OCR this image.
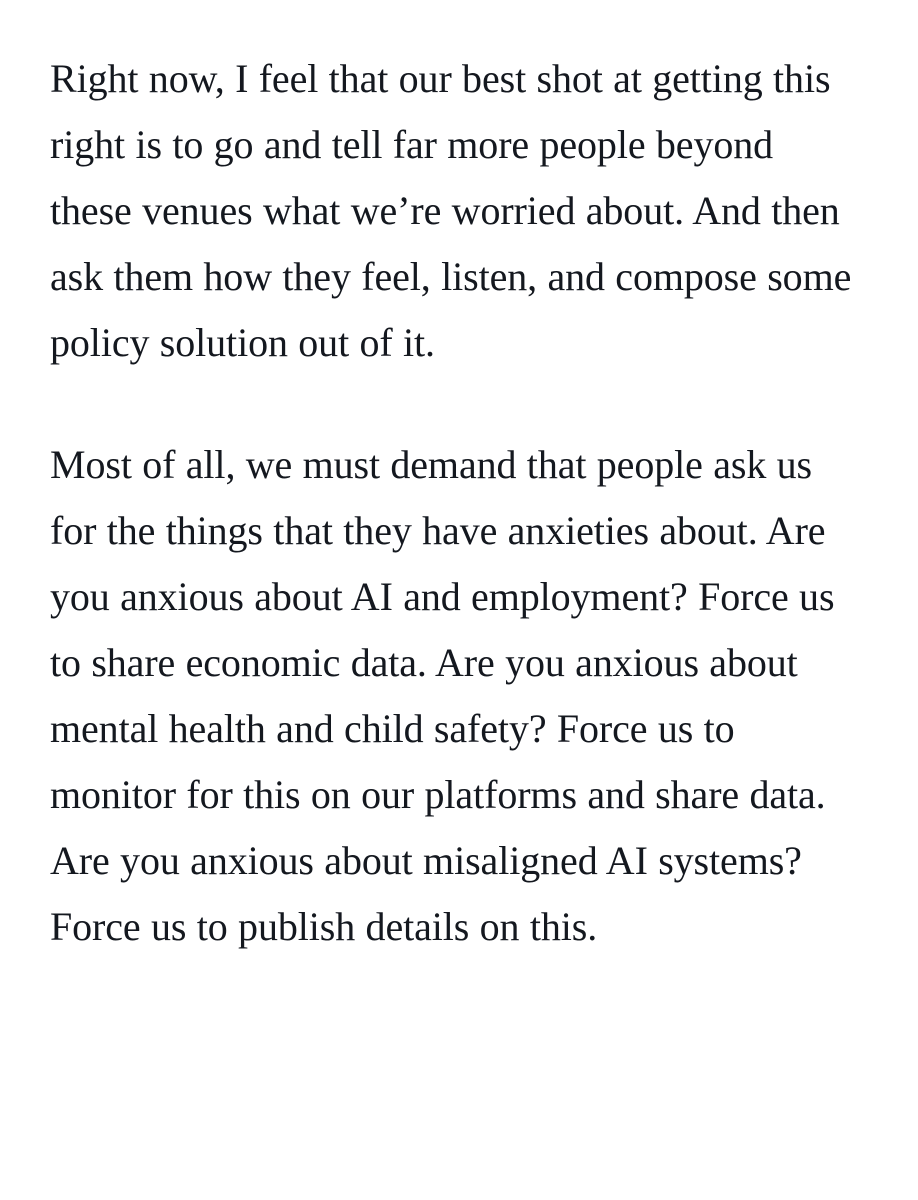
Right now, I feel that our best shot at getting this right is to go and tell far more people beyond these venues what we’re worried about. And then ask them how they feel, listen, and compose some policy solution out of it.

Most of all, we must demand that people ask us for the things that they have anxieties about. Are you anxious about AI and employment? Force us to share economic data. Are you anxious about mental health and child safety? Force us to monitor for this on our platforms and share data. Are you anxious about misaligned AI systems? Force us to publish details on this.
